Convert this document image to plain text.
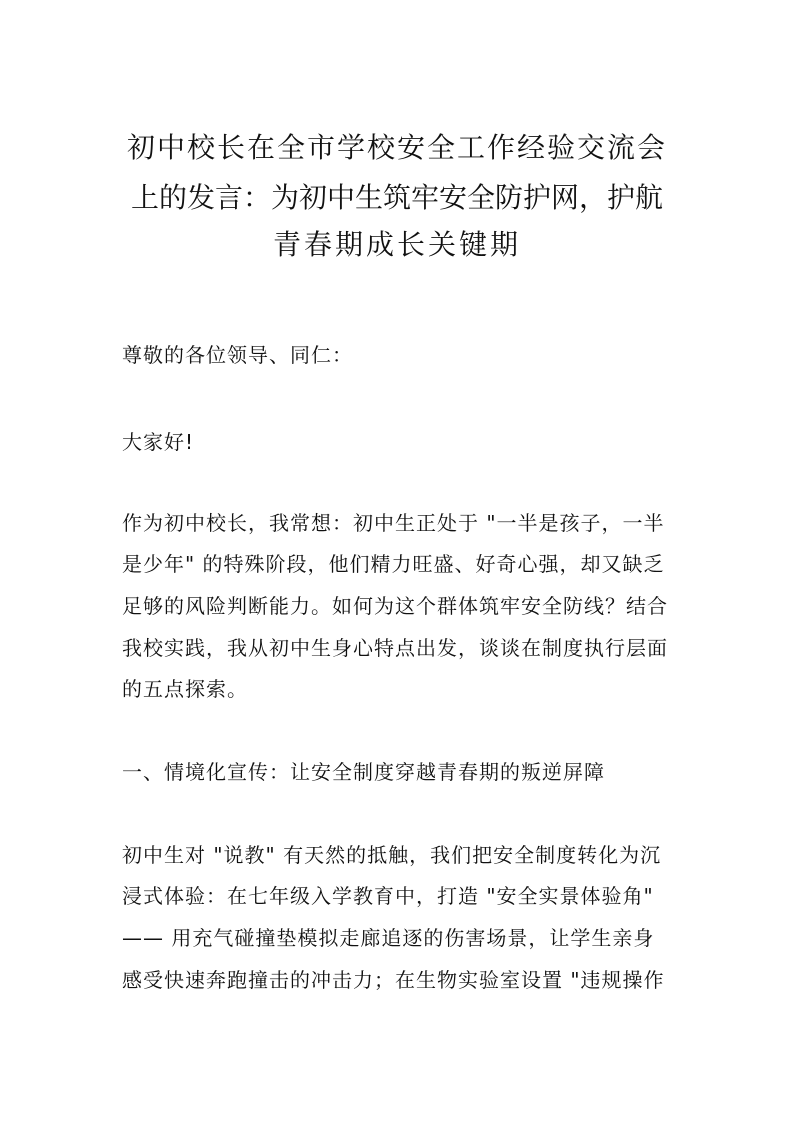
初中校长在全市学校安全工作经验交流会
上的发言：为初中生筑牢安全防护网，护航
青春期成长关键期
尊敬的各位领导、同仁：
大家好!
作为初中校长，我常想：初中生正处于 "一半是孩子，一半
是少年" 的特殊阶段，他们精力旺盛、好奇心强，却又缺乏
足够的风险判断能力。如何为这个群体筑牢安全防线？结合
我校实践，我从初中生身心特点出发，谈谈在制度执行层面
的五点探索。
一、情境化宣传：让安全制度穿越青春期的叛逆屏障
初中生对 "说教" 有天然的抵触，我们把安全制度转化为沉
浸式体验：在七年级入学教育中，打造 "安全实景体验角"
—— 用充气碰撞垫模拟走廊追逐的伤害场景，让学生亲身
感受快速奔跑撞击的冲击力；在生物实验室设置 "违规操作
